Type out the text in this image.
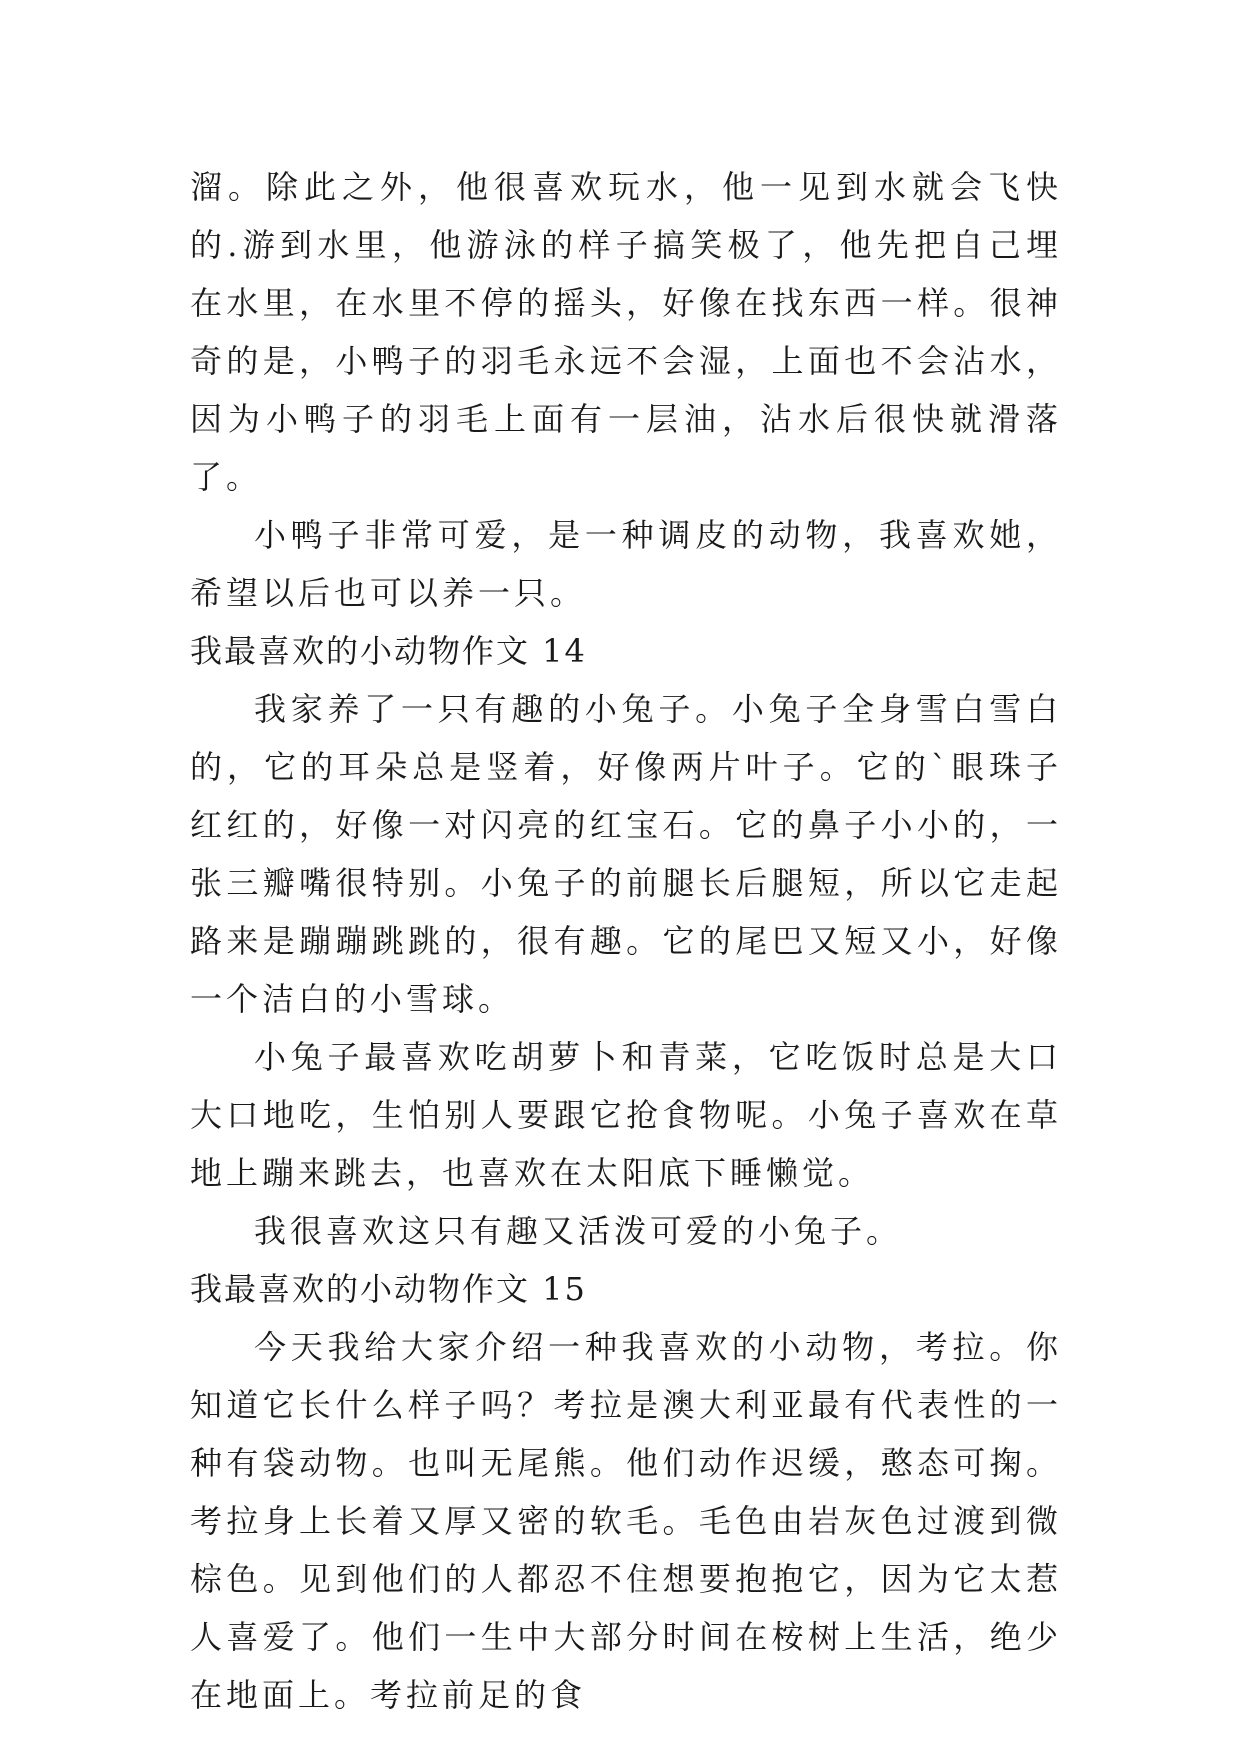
溜。除此之外，他很喜欢玩水，他一见到水就会飞快的.游到水里，他游泳的样子搞笑极了，他先把自己埋在水里，在水里不停的摇头，好像在找东西一样。很神奇的是，小鸭子的羽毛永远不会湿，上面也不会沾水，因为小鸭子的羽毛上面有一层油，沾水后很快就滑落了。

小鸭子非常可爱，是一种调皮的动物，我喜欢她，希望以后也可以养一只。

我最喜欢的小动物作文 14

我家养了一只有趣的小兔子。小兔子全身雪白雪白的，它的耳朵总是竖着，好像两片叶子。它的`眼珠子红红的，好像一对闪亮的红宝石。它的鼻子小小的，一张三瓣嘴很特别。小兔子的前腿长后腿短，所以它走起路来是蹦蹦跳跳的，很有趣。它的尾巴又短又小，好像一个洁白的小雪球。

小兔子最喜欢吃胡萝卜和青菜，它吃饭时总是大口大口地吃，生怕别人要跟它抢食物呢。小兔子喜欢在草地上蹦来跳去，也喜欢在太阳底下睡懒觉。

我很喜欢这只有趣又活泼可爱的小兔子。

我最喜欢的小动物作文 15

今天我给大家介绍一种我喜欢的小动物，考拉。你知道它长什么样子吗？考拉是澳大利亚最有代表性的一种有袋动物。也叫无尾熊。他们动作迟缓，憨态可掬。考拉身上长着又厚又密的软毛。毛色由岩灰色过渡到微棕色。见到他们的人都忍不住想要抱抱它，因为它太惹人喜爱了。他们一生中大部分时间在桉树上生活，绝少在地面上。考拉前足的食
